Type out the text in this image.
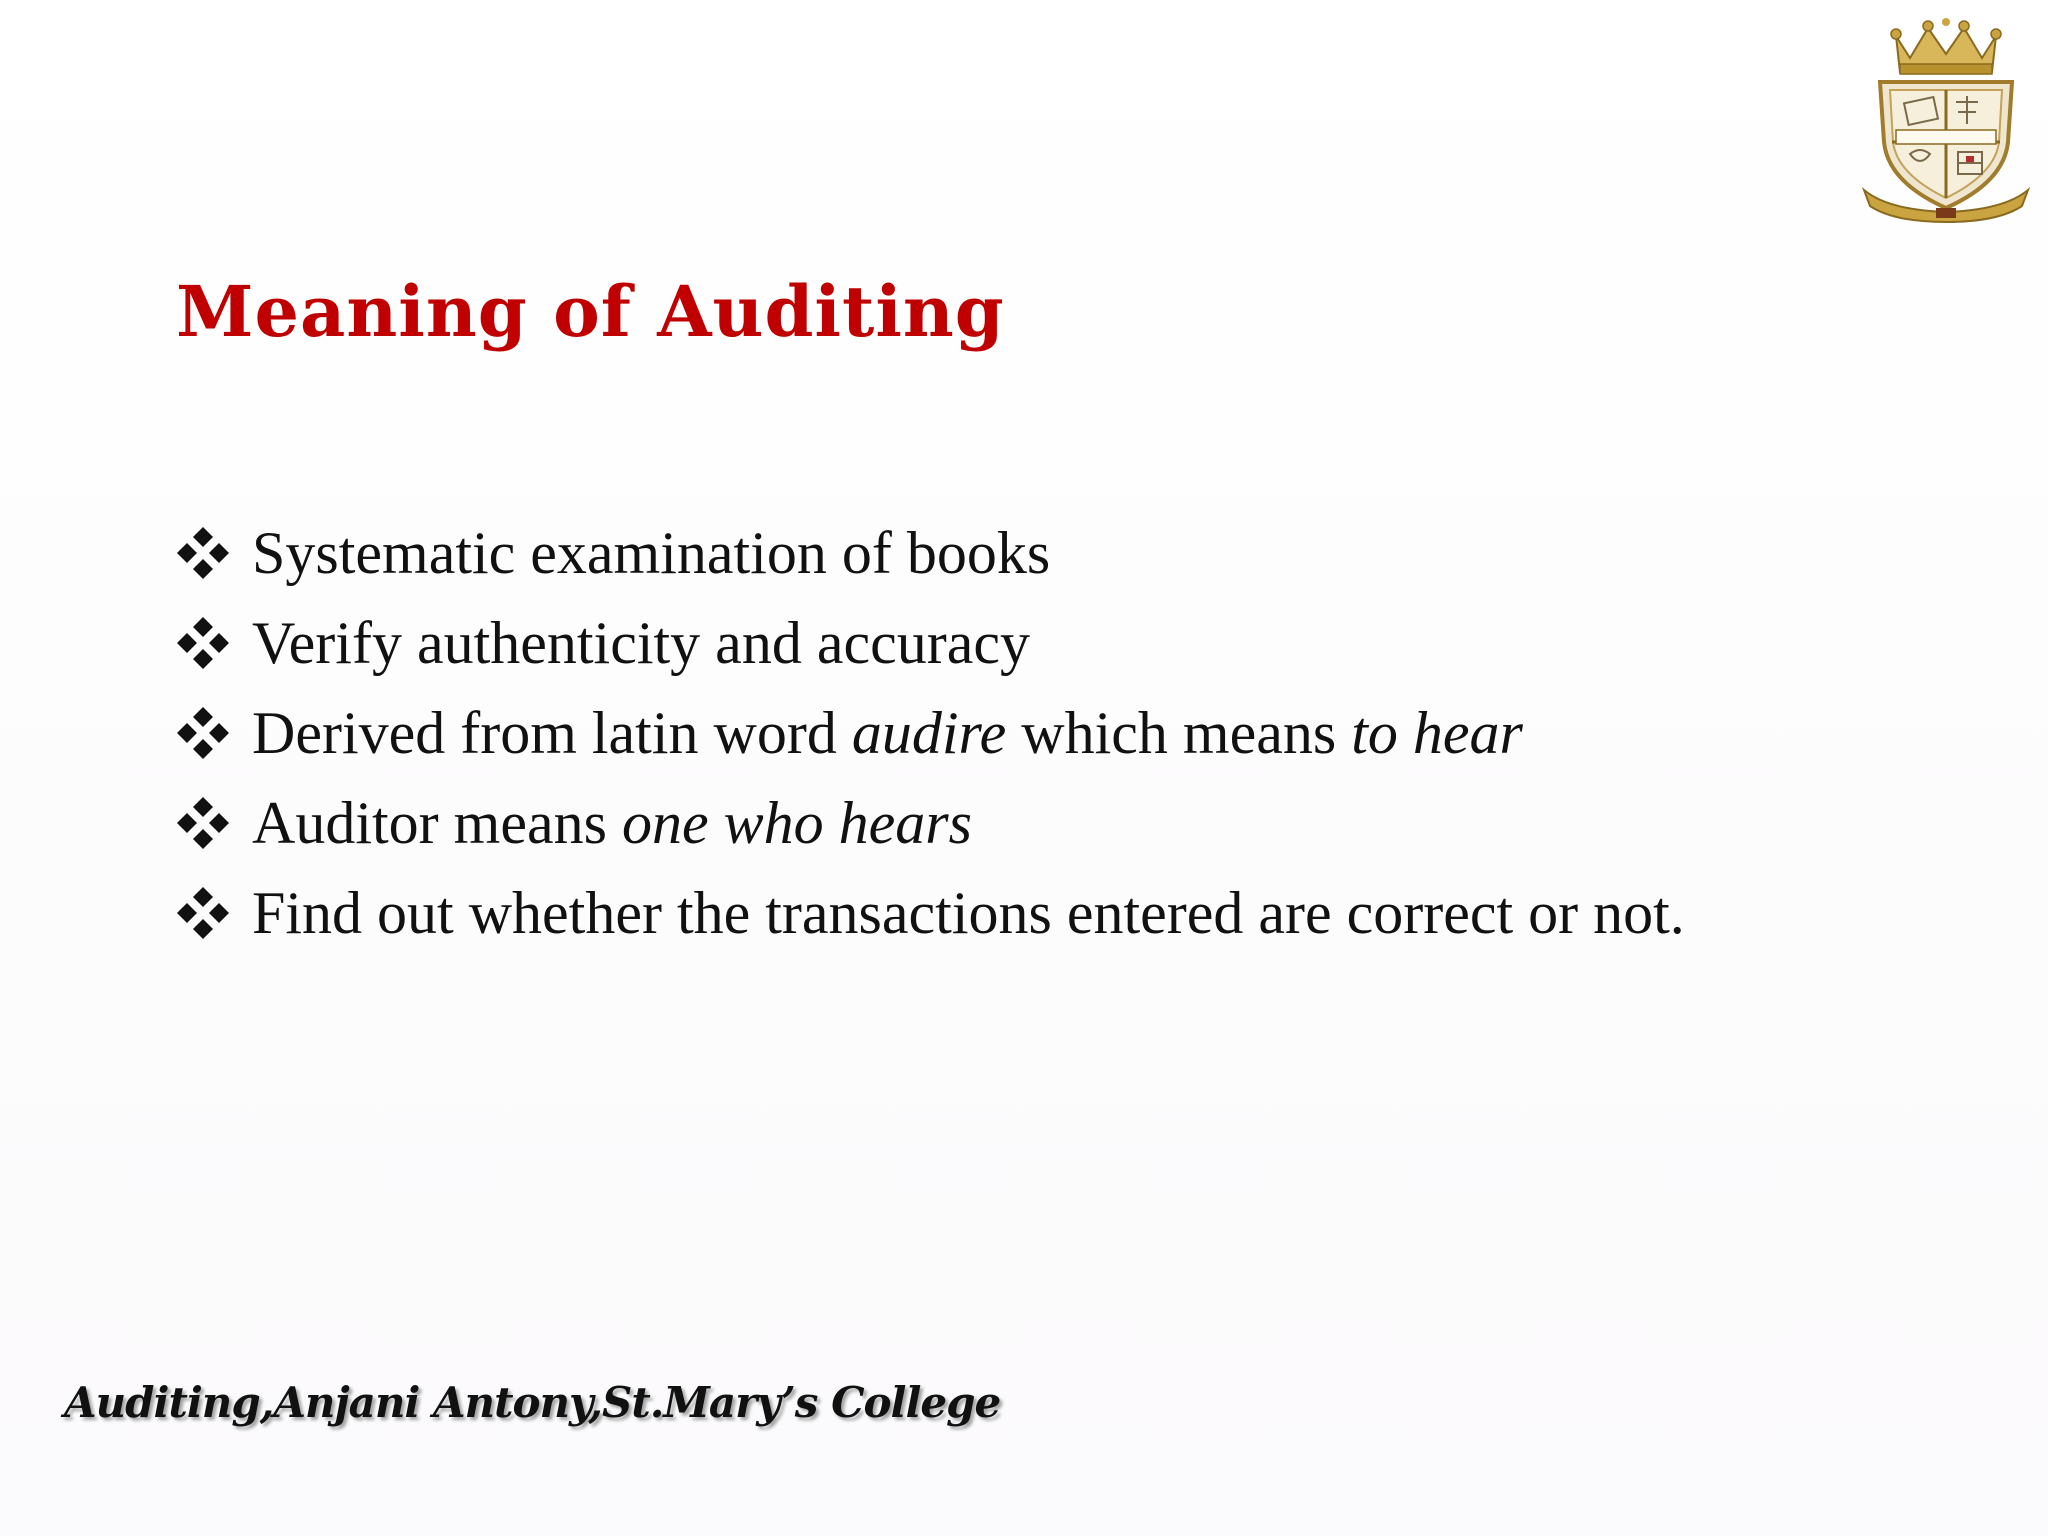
Meaning of Auditing
Systematic examination of books
Verify authenticity and accuracy
Derived from latin word audire which means to hear
Auditor means one who hears
Find out whether the transactions entered are correct or not.

Auditing,Anjani Antony,St.Mary’s College
